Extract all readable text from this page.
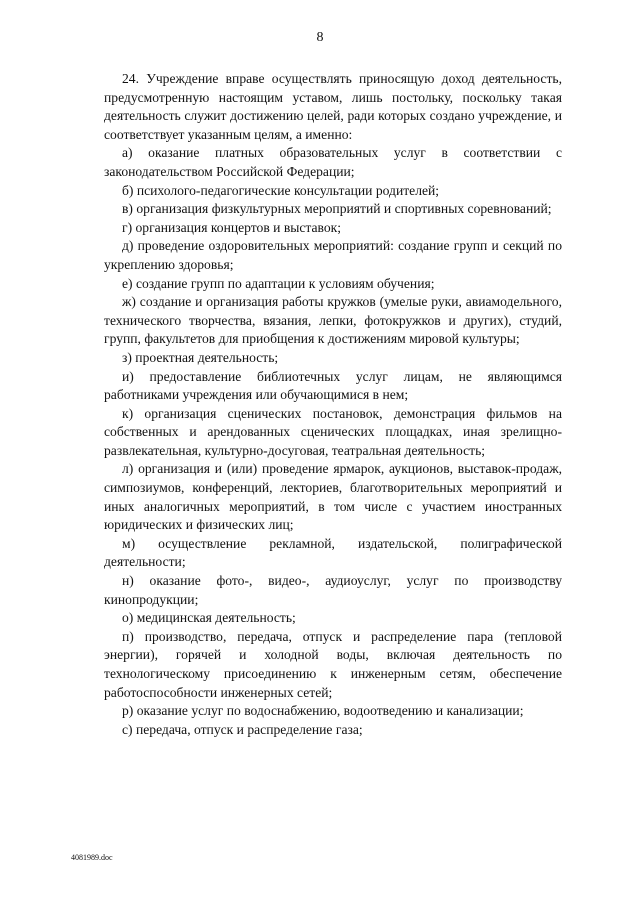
8

24. Учреждение вправе осуществлять приносящую доход деятельность, предусмотренную настоящим уставом, лишь постольку, поскольку такая деятельность служит достижению целей, ради которых создано учреждение, и соответствует указанным целям, а именно:

а) оказание платных образовательных услуг в соответствии с законодательством Российской Федерации;

б) психолого-педагогические консультации родителей;

в) организация физкультурных мероприятий и спортивных соревнований;

г) организация концертов и выставок;

д) проведение оздоровительных мероприятий: создание групп и секций по укреплению здоровья;

е) создание групп по адаптации к условиям обучения;

ж) создание и организация работы кружков (умелые руки, авиамодельного, технического творчества, вязания, лепки, фотокружков и других), студий, групп, факультетов для приобщения к достижениям мировой культуры;

з) проектная деятельность;

и) предоставление библиотечных услуг лицам, не являющимся работниками учреждения или обучающимися в нем;

к) организация сценических постановок, демонстрация фильмов на собственных и арендованных сценических площадках, иная зрелищно-развлекательная, культурно-досуговая, театральная деятельность;

л) организация и (или) проведение ярмарок, аукционов, выставок-продаж, симпозиумов, конференций, лекториев, благотворительных мероприятий и иных аналогичных мероприятий, в том числе с участием иностранных юридических и физических лиц;

м) осуществление рекламной, издательской, полиграфической деятельности;

н) оказание фото-, видео-, аудиоуслуг, услуг по производству кинопродукции;

о) медицинская деятельность;

п) производство, передача, отпуск и распределение пара (тепловой энергии), горячей и холодной воды, включая деятельность по технологическому присоединению к инженерным сетям, обеспечение работоспособности инженерных сетей;

р) оказание услуг по водоснабжению, водоотведению и канализации;

с) передача, отпуск и распределение газа;

4081989.doc
